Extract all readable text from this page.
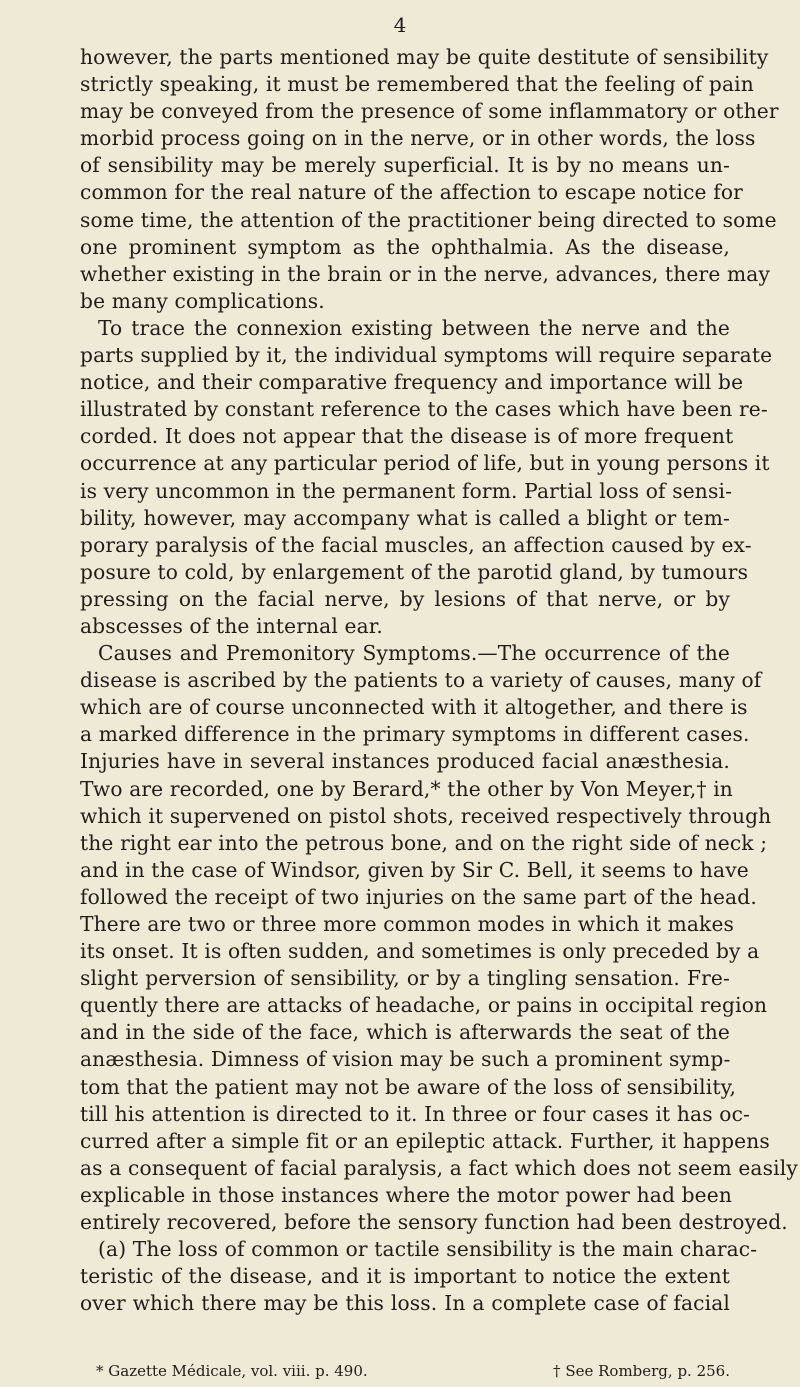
4
however, the parts mentioned may be quite destitute of sensibility
strictly speaking, it must be remembered that the feeling of pain
may be conveyed from the presence of some inflammatory or other
morbid process going on in the nerve, or in other words, the loss
of sensibility may be merely superficial. It is by no means un-
common for the real nature of the affection to escape notice for
some time, the attention of the practitioner being directed to some
one prominent symptom as the ophthalmia. As the disease,
whether existing in the brain or in the nerve, advances, there may
be many complications.
To trace the connexion existing between the nerve and the
parts supplied by it, the individual symptoms will require separate
notice, and their comparative frequency and importance will be
illustrated by constant reference to the cases which have been re-
corded. It does not appear that the disease is of more frequent
occurrence at any particular period of life, but in young persons it
is very uncommon in the permanent form. Partial loss of sensi-
bility, however, may accompany what is called a blight or tem-
porary paralysis of the facial muscles, an affection caused by ex-
posure to cold, by enlargement of the parotid gland, by tumours
pressing on the facial nerve, by lesions of that nerve, or by
abscesses of the internal ear.
Causes and Premonitory Symptoms.—The occurrence of the
disease is ascribed by the patients to a variety of causes, many of
which are of course unconnected with it altogether, and there is
a marked difference in the primary symptoms in different cases.
Injuries have in several instances produced facial anæsthesia.
Two are recorded, one by Berard,* the other by Von Meyer,† in
which it supervened on pistol shots, received respectively through
the right ear into the petrous bone, and on the right side of neck ;
and in the case of Windsor, given by Sir C. Bell, it seems to have
followed the receipt of two injuries on the same part of the head.
There are two or three more common modes in which it makes
its onset. It is often sudden, and sometimes is only preceded by a
slight perversion of sensibility, or by a tingling sensation. Fre-
quently there are attacks of headache, or pains in occipital region
and in the side of the face, which is afterwards the seat of the
anæsthesia. Dimness of vision may be such a prominent symp-
tom that the patient may not be aware of the loss of sensibility,
till his attention is directed to it. In three or four cases it has oc-
curred after a simple fit or an epileptic attack. Further, it happens
as a consequent of facial paralysis, a fact which does not seem easily
explicable in those instances where the motor power had been
entirely recovered, before the sensory function had been destroyed.
(a) The loss of common or tactile sensibility is the main charac-
teristic of the disease, and it is important to notice the extent
over which there may be this loss. In a complete case of facial
* Gazette Médicale, vol. viii. p. 490.	† See Romberg, p. 256.
